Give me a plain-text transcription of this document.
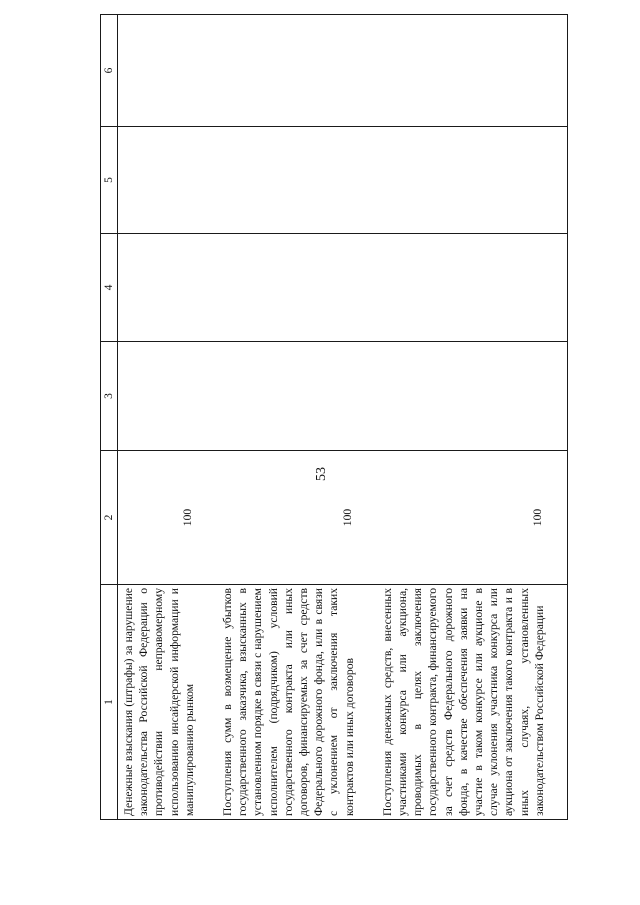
53
1	2	3	4	5	6

Денежные взыскания (штрафы) за нарушение законодательства Российской Федерации о противодействии неправомерному использованию инсайдерской информации и манипулированию рынком	100				

Поступления сумм в возмещение убытков государственного заказчика, взысканных в установленном порядке в связи с нарушением исполнителем (подрядчиком) условий государственного контракта или иных договоров, финансируемых за счет средств Федерального дорожного фонда, или в связи с уклонением от заключения таких контрактов или иных договоров	100				

Поступления денежных средств, внесенных участниками конкурса или аукциона, проводимых в целях заключения государственного контракта, финансируемого за счет средств Федерального дорожного фонда, в качестве обеспечения заявки на участие в таком конкурсе или аукционе в случае уклонения участника конкурса или аукциона от заключения такого контракта и в иных случаях, установленных законодательством Российской Федерации	100				
